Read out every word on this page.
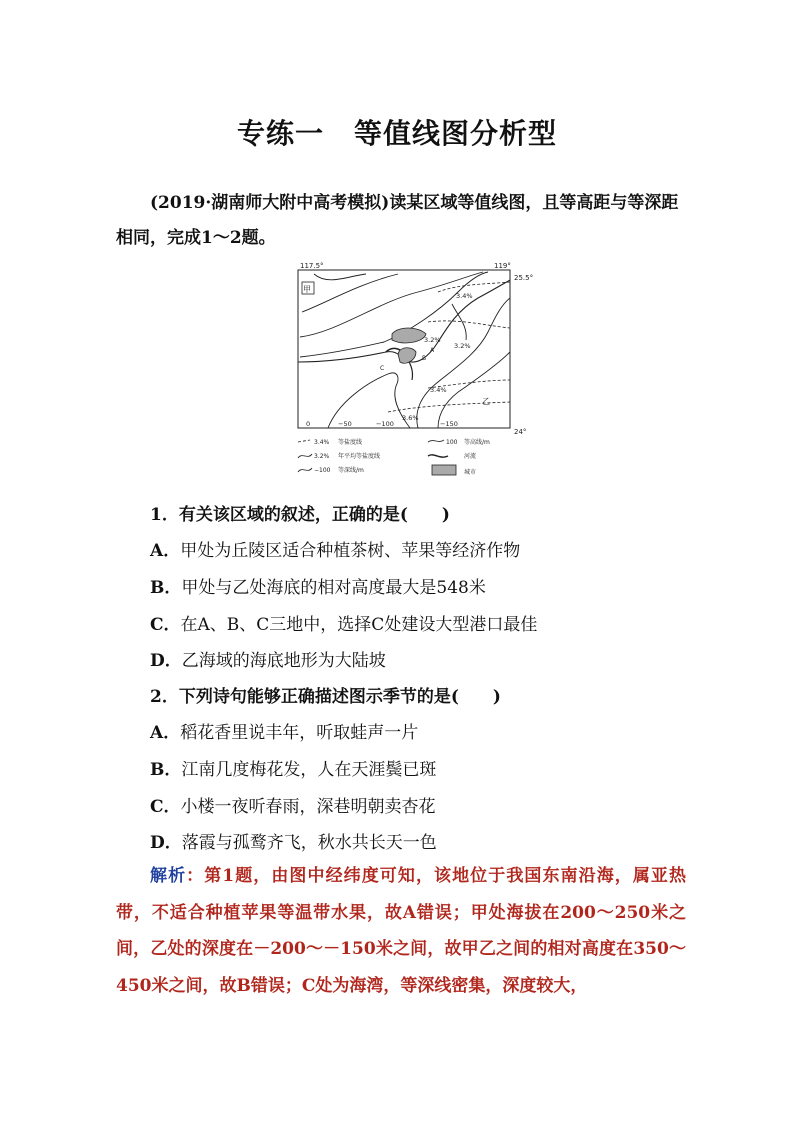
专练一 等值线图分析型
(2019·湖南师大附中高考模拟)读某区域等值线图，且等高距与等深距相同，完成1～2题。
117.5°	119°
25.5°
24°
甲
A
B
C
3.4%
3.2%
3.2%
3.4%
3.6%
乙
0	−50	−100	−150
3.4% 等盐度线	100 等高线/m
3.2% 年平均等盐度线	河流
−100 等深线/m	城市
1．有关该区域的叙述，正确的是(　　)
A．甲处为丘陵区适合种植茶树、苹果等经济作物
B．甲处与乙处海底的相对高度最大是548米
C．在A、B、C三地中，选择C处建设大型港口最佳
D．乙海域的海底地形为大陆坡
2．下列诗句能够正确描述图示季节的是(　　)
A．稻花香里说丰年，听取蛙声一片
B．江南几度梅花发，人在天涯鬓已斑
C．小楼一夜听春雨，深巷明朝卖杏花
D．落霞与孤鹜齐飞，秋水共长天一色
解析：第1题，由图中经纬度可知，该地位于我国东南沿海，属亚热带，不适合种植苹果等温带水果，故A错误；甲处海拔在200～250米之间，乙处的深度在－200～－150米之间，故甲乙之间的相对高度在350～450米之间，故B错误；C处为海湾，等深线密集，深度较大，
